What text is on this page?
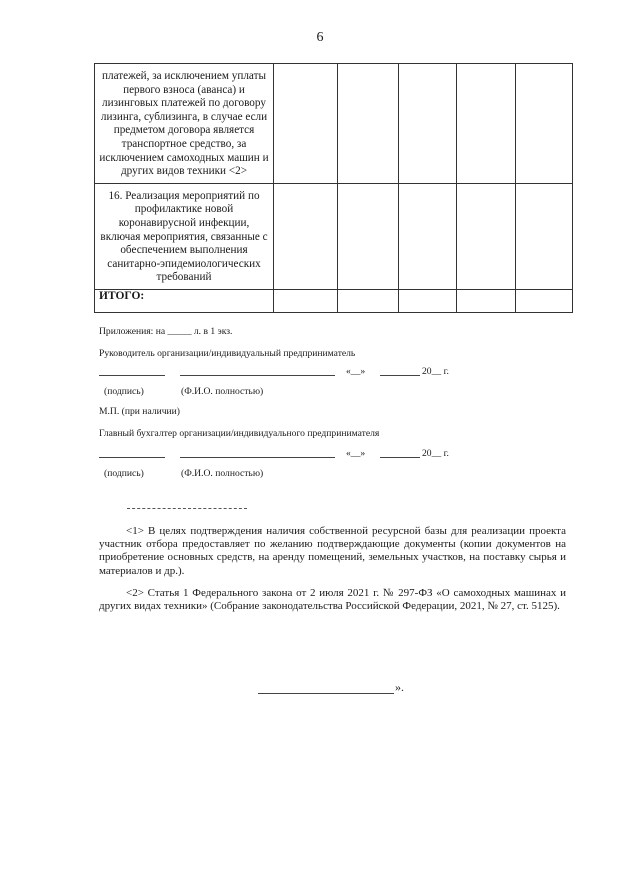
6
платежей, за исключением уплаты первого взноса (аванса) и лизинговых платежей по договору лизинга, сублизинга, в случае если предметом договора является транспортное средство, за исключением самоходных машин и других видов техники <2>					

16. Реализация мероприятий по профилактике новой коронавирусной инфекции, включая мероприятия, связанные с обеспечением выполнения санитарно-эпидемиологических требований					

ИТОГО:					

Приложения: на _____ л. в 1 экз.
Руководитель организации/индивидуальный предприниматель
«__»	20__ г.
(подпись)	(Ф.И.О. полностью)
М.П. (при наличии)
Главный бухгалтер организации/индивидуального предпринимателя
«__»	20__ г.
(подпись)	(Ф.И.О. полностью)
<1> В целях подтверждения наличия собственной ресурсной базы для реализации проекта участник отбора предоставляет по желанию подтверждающие документы (копии документов на приобретение основных средств, на аренду помещений, земельных участков, на поставку сырья и материалов и др.).
<2> Статья 1 Федерального закона от 2 июля 2021 г. № 297-ФЗ «О самоходных машинах и других видах техники» (Собрание законодательства Российской Федерации, 2021, № 27, ст. 5125).
».
